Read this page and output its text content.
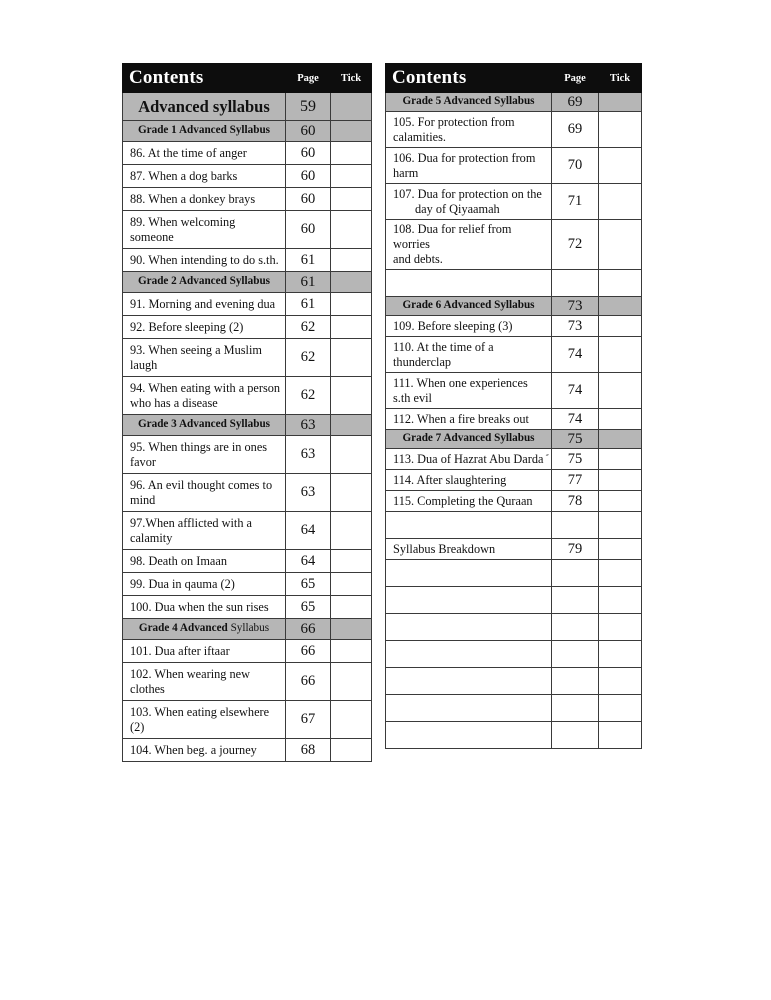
Contents	Page	Tick
Advanced syllabus	59	
Grade 1 Advanced Syllabus	60	
86. At the time of anger	60	
87. When a dog barks	60	
88. When a donkey brays	60	
89. When welcoming someone	60	
90. When intending to do s.th.	61	
Grade 2 Advanced Syllabus	61	
91. Morning and evening dua	61	
92. Before sleeping (2)	62	
93. When seeing a Muslim laugh	62	
94. When eating with a person
who has a disease	62	
Grade 3 Advanced Syllabus	63	
95. When things are in ones favor	63	
96. An evil thought comes to mind	63	
97.When afflicted with a calamity	64	
98. Death on Imaan	64	
99. Dua in qauma (2)	65	
100. Dua when the sun rises	65	
Grade 4 Advanced Syllabus	66	
101. Dua after iftaar	66	
102. When wearing new clothes	66	
103. When eating elsewhere (2)	67	
104. When beg. a journey	68	
Contents	Page	Tick
Grade 5 Advanced Syllabus	69	
105. For protection from calamities.	69	
106. Dua for protection from harm	70	
107. Dua for protection on the
day of Qiyaamah	71	
108. Dua for relief from worries
and debts.	72	

Grade 6 Advanced Syllabus	73	
109. Before sleeping (3)	73	
110. At the time of a thunderclap	74	
111. When one experiences s.th evil	74	
112. When a fire breaks out	74	
Grade 7 Advanced Syllabus	75	
113. Dua of Hazrat Abu Darda	75	
114. After slaughtering	77	
115. Completing the Quraan	78	

Syllabus Breakdown	79	
